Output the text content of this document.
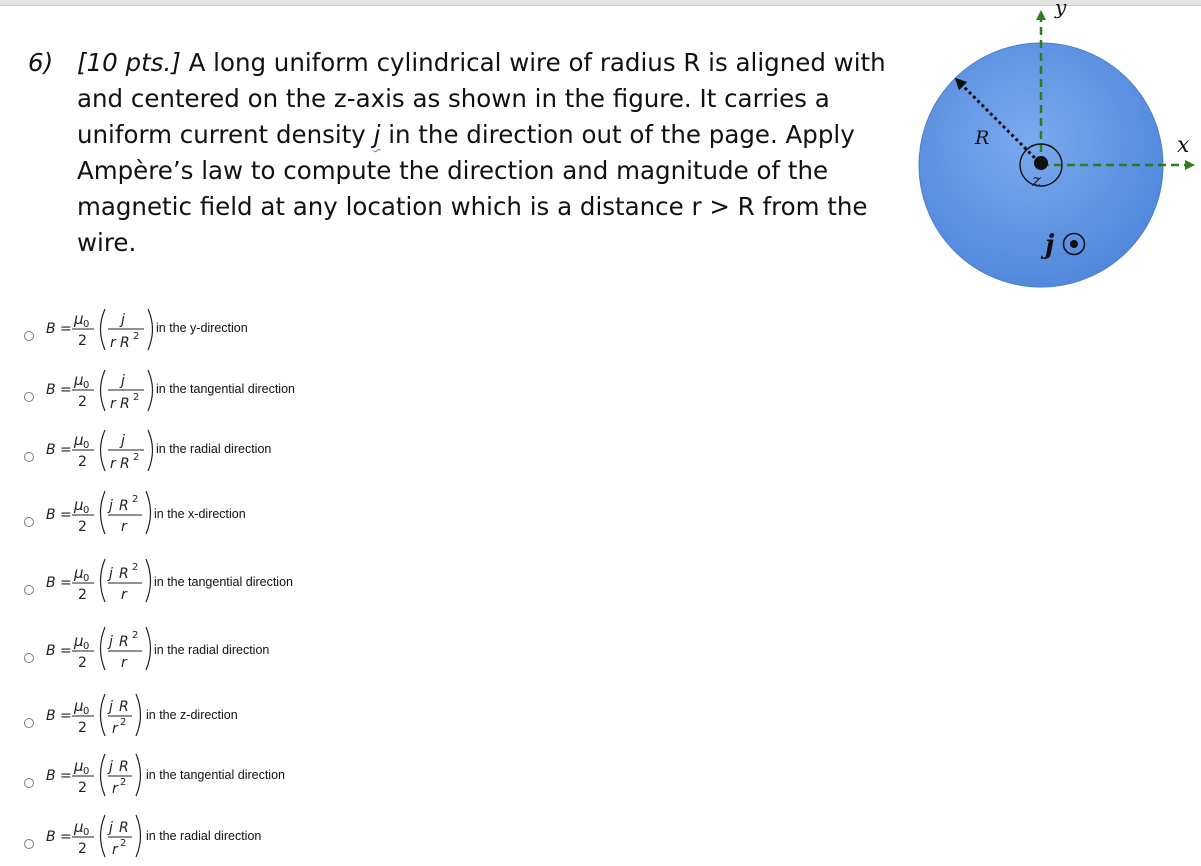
6) [10 pts.] A long uniform cylindrical wire of radius R is aligned with and centered on the z-axis as shown in the figure. It carries a uniform current density j in the direction out of the page. Apply Ampère’s law to compute the direction and magnitude of the magnetic field at any location which is a distance r > R from the wire.
y
x
z
R
j
B =
μ 0
2
j
r R 2
in the y-direction
B =
μ 0
2
j
r R 2
in the tangential direction
B =
μ 0
2
j
r R 2
in the radial direction
B =
μ 0
2
j R 2
r
in the x-direction
B =
μ 0
2
j R 2
r
in the tangential direction
B =
μ 0
2
j R 2
r
in the radial direction
B =
μ 0
2
j R
r 2
in the z-direction
B =
μ 0
2
j R
r 2
in the tangential direction
B =
μ 0
2
j R
r 2
in the radial direction
